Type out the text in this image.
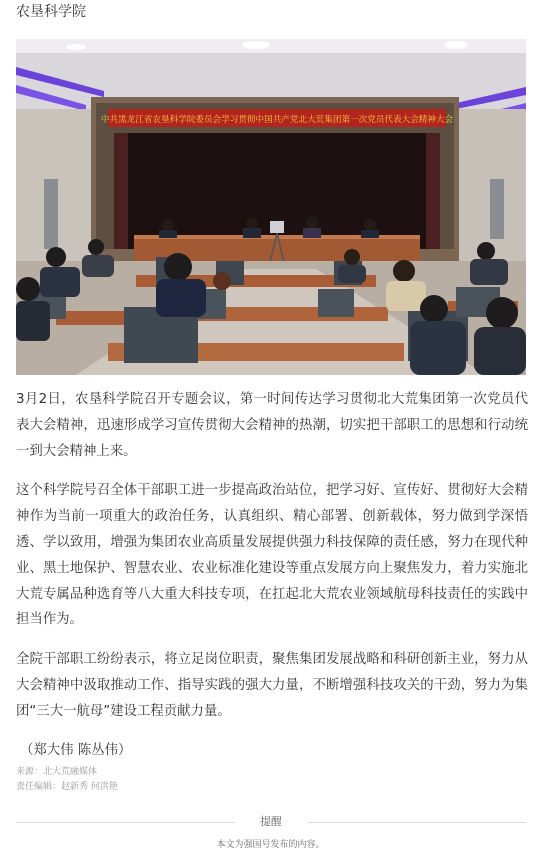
农垦科学院
中共黑龙江省农垦科学院委员会学习贯彻中国共产党北大荒集团第一次党员代表大会精神大会

3月2日，农垦科学院召开专题会议，第一时间传达学习贯彻北大荒集团第一次党员代表大会精神，迅速形成学习宣传贯彻大会精神的热潮，切实把干部职工的思想和行动统一到大会精神上来。

这个科学院号召全体干部职工进一步提高政治站位，把学习好、宣传好、贯彻好大会精神作为当前一项重大的政治任务，认真组织、精心部署、创新载体，努力做到学深悟透、学以致用，增强为集团农业高质量发展提供强力科技保障的责任感，努力在现代种业、黑土地保护、智慧农业、农业标准化建设等重点发展方向上聚焦发力，着力实施北大荒专属品种选育等八大重大科技专项，在扛起北大荒农业领域航母科技责任的实践中担当作为。

全院干部职工纷纷表示，将立足岗位职责，聚焦集团发展战略和科研创新主业，努力从大会精神中汲取推动工作、指导实践的强大力量，不断增强科技攻关的干劲，努力为集团“三大一航母”建设工程贡献力量。

（郑大伟 陈丛伟）
来源：北大荒融媒体
责任编辑：赵新秀 何洪艳
提醒
本文为强国号发布的内容。
